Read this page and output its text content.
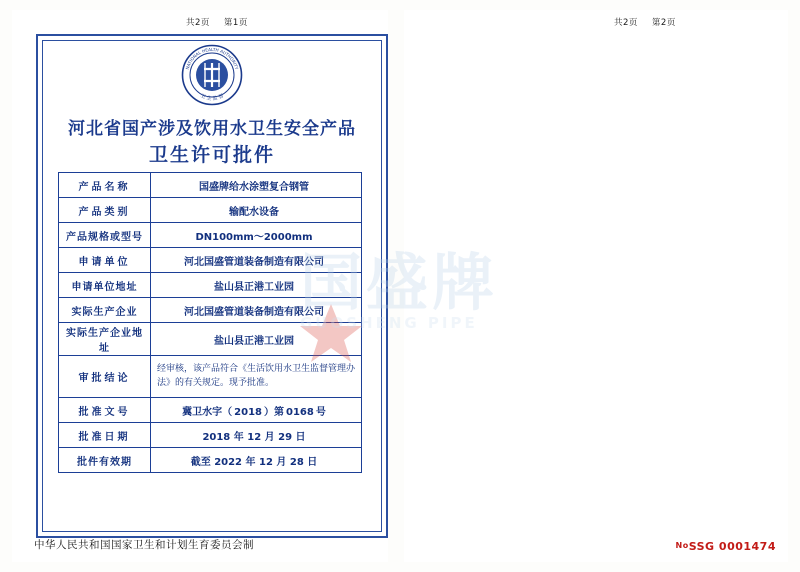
共2页 第1页
NATIONAL HEALTH AUTHORITY
卫 生 监 督
河北省国产涉及饮用水卫生安全产品
卫生许可批件
产品名称	国盛牌给水涂塑复合钢管
产品类别	输配水设备
产品规格或型号	DN100mm～2000mm
申请单位	河北国盛管道装备制造有限公司
申请单位地址	盐山县正港工业园
实际生产企业	河北国盛管道装备制造有限公司
实际生产企业地址	盐山县正港工业园
审批结论	经审核，该产品符合《生活饮用水卫生监督管理办法》的有关规定。现予批准。
批准文号	冀卫水字（ 2018 ）第 0168 号
批准日期	2018 年 12 月 29 日
批件有效期	截至 2022 年 12 月 28 日
中华人民共和国国家卫生和计划生育委员会制
共2页 第2页
NoSSG 0001474
国盛牌
GUOSHENG PIPE
